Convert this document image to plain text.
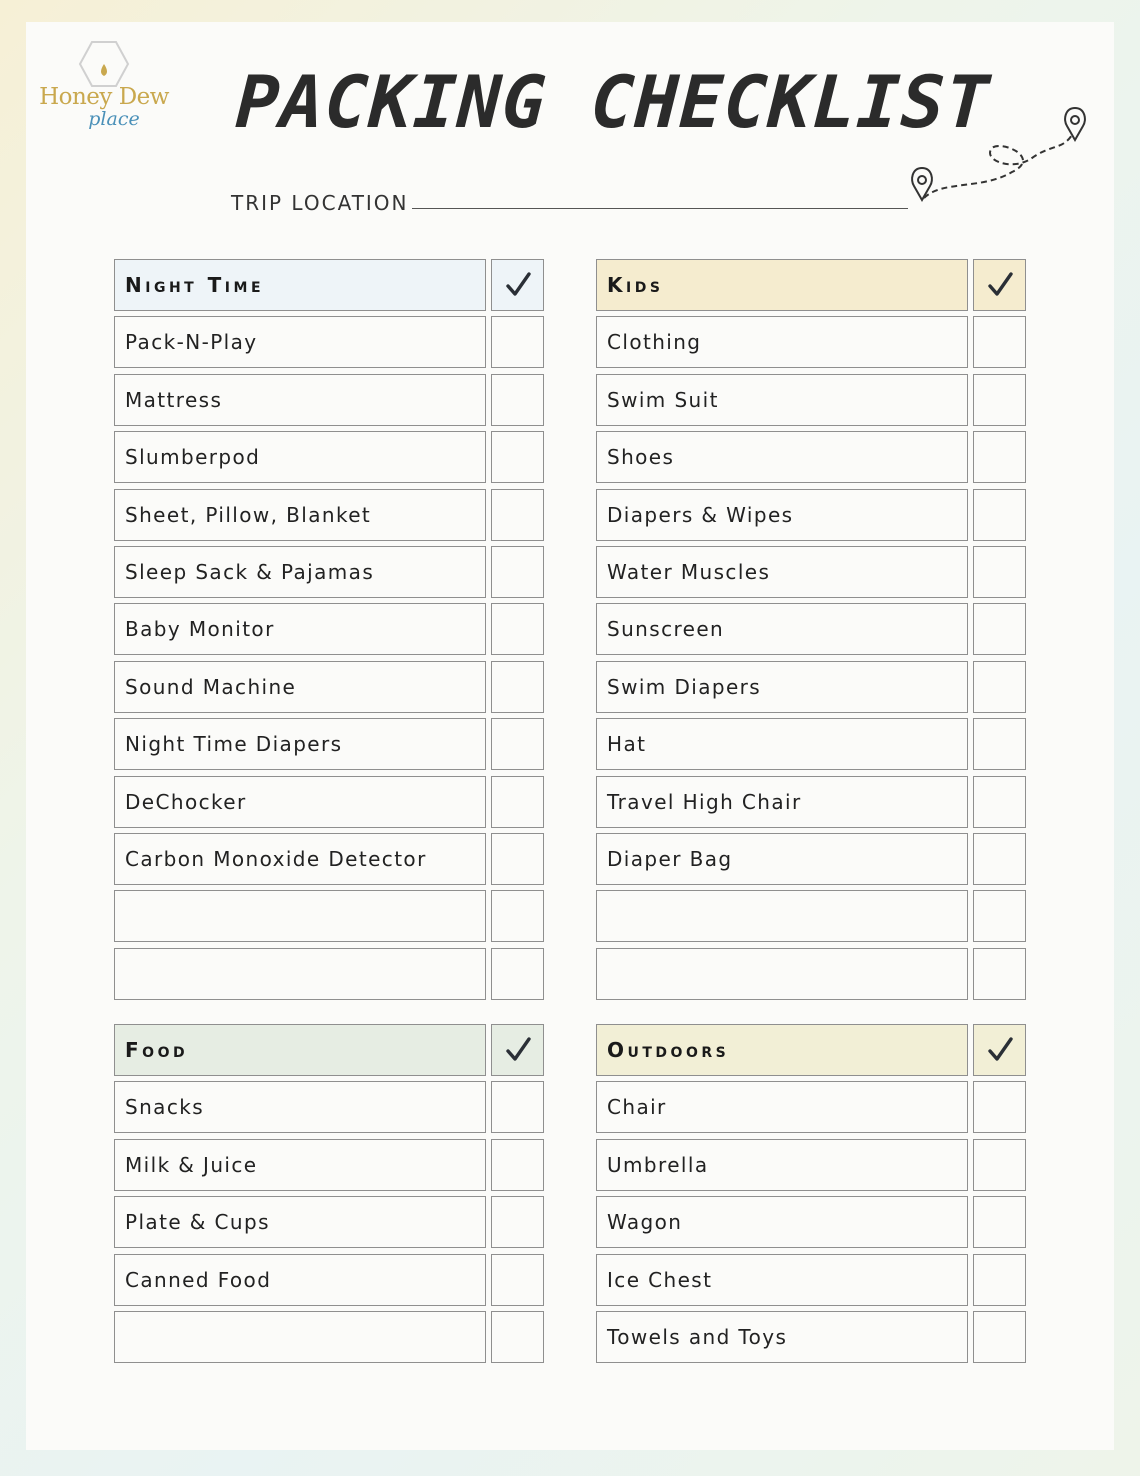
Honey Dew
place PACKING CHECKLIST
TRIP LOCATION
Night Time
Pack-N-Play
Mattress
Slumberpod
Sheet, Pillow, Blanket
Sleep Sack & Pajamas
Baby Monitor
Sound Machine
Night Time Diapers
DeChocker
Carbon Monoxide Detector
Kids
Clothing
Swim Suit
Shoes
Diapers & Wipes
Water Muscles
Sunscreen
Swim Diapers
Hat
Travel High Chair
Diaper Bag
Food
Snacks
Milk & Juice
Plate & Cups
Canned Food
Outdoors
Chair
Umbrella
Wagon
Ice Chest
Towels and Toys
